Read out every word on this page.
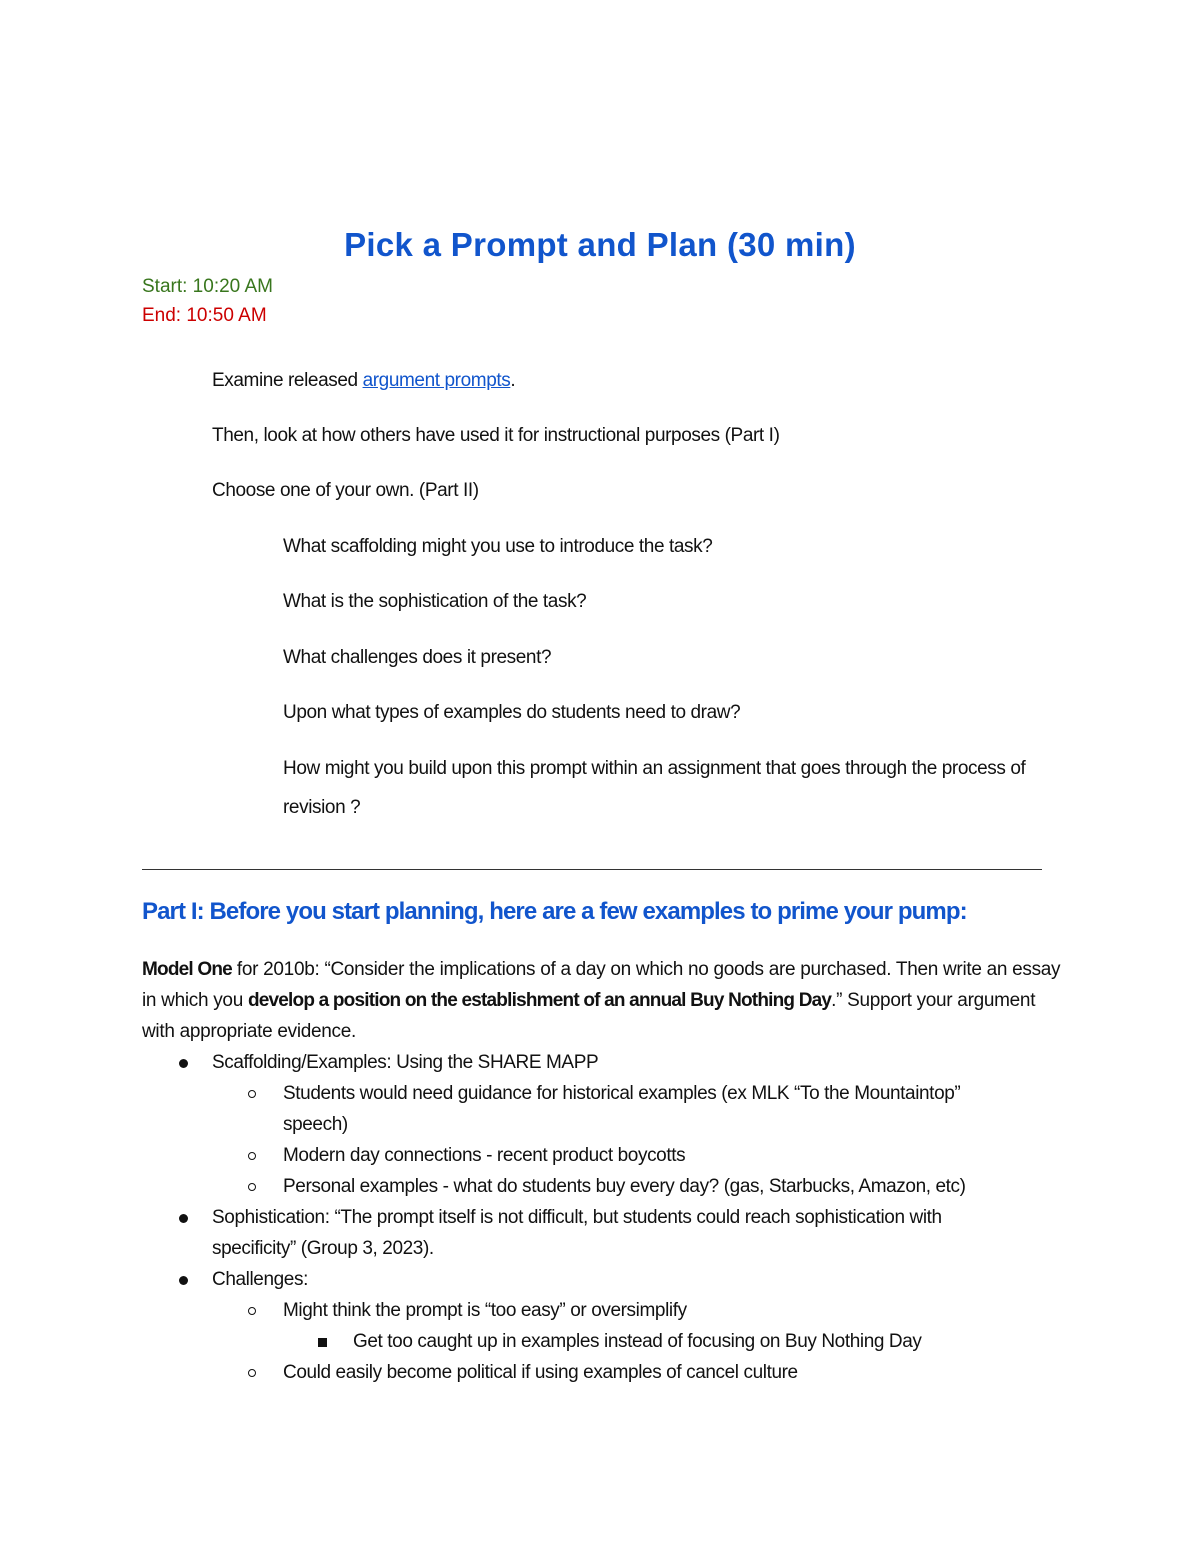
Pick a Prompt and Plan (30 min)
Start: 10:20 AM
End: 10:50 AM
Examine released argument prompts.
Then, look at how others have used it for instructional purposes (Part I)
Choose one of your own. (Part II)
What scaffolding might you use to introduce the task?
What is the sophistication of the task?
What challenges does it present?
Upon what types of examples do students need to draw?
How might you build upon this prompt within an assignment that goes through the process of revision ?
Part I: Before you start planning, here are a few examples to prime your pump:
Model One for 2010b: “Consider the implications of a day on which no goods are purchased. Then write an essay in which you develop a position on the establishment of an annual Buy Nothing Day.” Support your argument with appropriate evidence.
Scaffolding/Examples: Using the SHARE MAPP
Students would need guidance for historical examples (ex MLK “To the Mountaintop”
speech)
Modern day connections - recent product boycotts
Personal examples - what do students buy every day? (gas, Starbucks, Amazon, etc)
Sophistication: “The prompt itself is not difficult, but students could reach sophistication with
specificity” (Group 3, 2023).
Challenges:
Might think the prompt is “too easy” or oversimplify
Get too caught up in examples instead of focusing on Buy Nothing Day
Could easily become political if using examples of cancel culture
